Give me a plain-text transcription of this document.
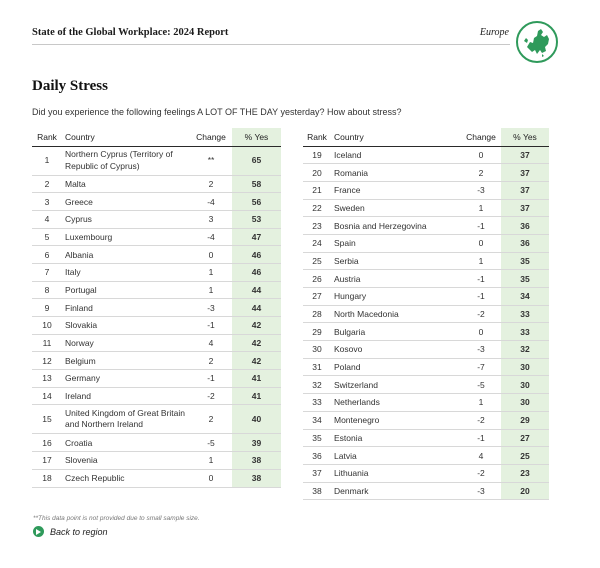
State of the Global Workplace: 2024 Report	Europe
Daily Stress
Did you experience the following feelings A LOT OF THE DAY yesterday? How about stress?
Rank	Country	Change	% Yes
1	Northern Cyprus (Territory of Republic of Cyprus)	**	65
2	Malta	2	58
3	Greece	-4	56
4	Cyprus	3	53
5	Luxembourg	-4	47
6	Albania	0	46
7	Italy	1	46
8	Portugal	1	44
9	Finland	-3	44
10	Slovakia	-1	42
11	Norway	4	42
12	Belgium	2	42
13	Germany	-1	41
14	Ireland	-2	41
15	United Kingdom of Great Britain and Northern Ireland	2	40
16	Croatia	-5	39
17	Slovenia	1	38
18	Czech Republic	0	38
Rank	Country	Change	% Yes
19	Iceland	0	37
20	Romania	2	37
21	France	-3	37
22	Sweden	1	37
23	Bosnia and Herzegovina	-1	36
24	Spain	0	36
25	Serbia	1	35
26	Austria	-1	35
27	Hungary	-1	34
28	North Macedonia	-2	33
29	Bulgaria	0	33
30	Kosovo	-3	32
31	Poland	-7	30
32	Switzerland	-5	30
33	Netherlands	1	30
34	Montenegro	-2	29
35	Estonia	-1	27
36	Latvia	4	25
37	Lithuania	-2	23
38	Denmark	-3	20
**This data point is not provided due to small sample size.
Back to region
